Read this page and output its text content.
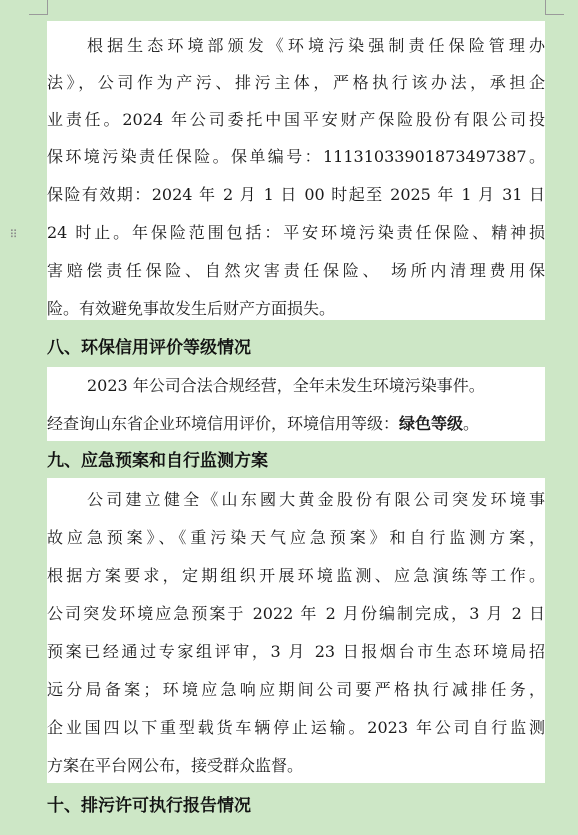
⠿
根据生态环境部颁发《环境污染强制责任保险管理办
法》，公司作为产污、排污主体，严格执行该办法，承担企
业责任。2024 年公司委托中国平安财产保险股份有限公司投
保环境污染责任保险。保单编号：11131033901873497387。
保险有效期：2024 年 2 月 1 日 00 时起至 2025 年 1 月 31 日
24 时止。年保险范围包括：平安环境污染责任保险、精神损
害赔偿责任保险、自然灾害责任保险、 场所内清理费用保
险。有效避免事故发生后财产方面损失。
八、环保信用评价等级情况
2023 年公司合法合规经营，全年未发生环境污染事件。
经查询山东省企业环境信用评价，环境信用等级：绿色等级。
九、应急预案和自行监测方案
公司建立健全《山东國大黄金股份有限公司突发环境事
故应急预案》、《重污染天气应急预案》和自行监测方案，
根据方案要求，定期组织开展环境监测、应急演练等工作。
公司突发环境应急预案于 2022 年 2 月份编制完成，3 月 2 日
预案已经通过专家组评审，3 月 23 日报烟台市生态环境局招
远分局备案；环境应急响应期间公司要严格执行减排任务，
企业国四以下重型载货车辆停止运输。2023 年公司自行监测
方案在平台网公布，接受群众监督。
十、排污许可执行报告情况
